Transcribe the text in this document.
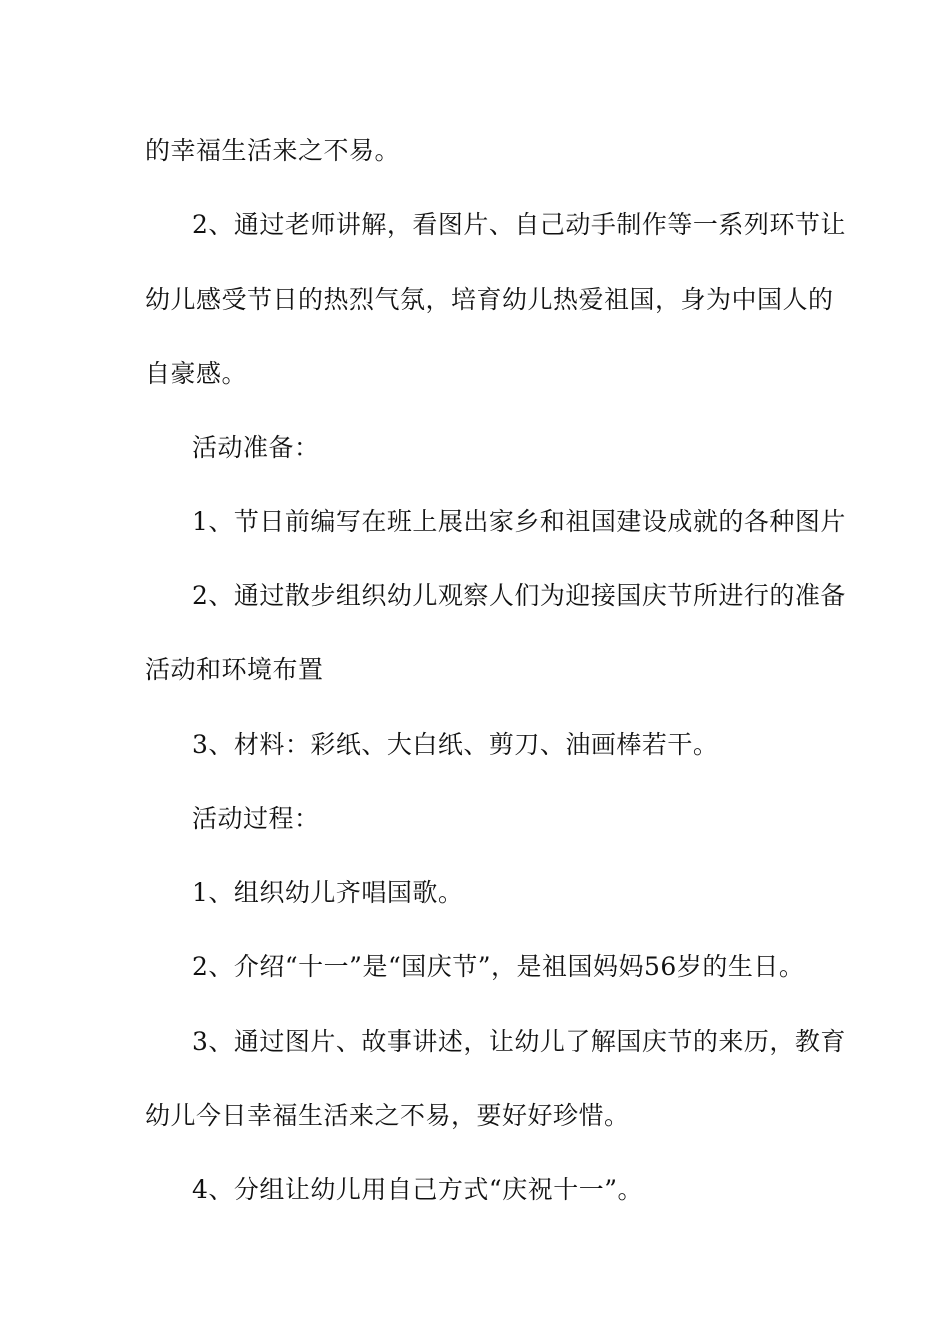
的幸福生活来之不易。
2、通过老师讲解，看图片、自己动手制作等一系列环节让
幼儿感受节日的热烈气氛，培育幼儿热爱祖国，身为中国人的
自豪感。
活动准备：
1、节日前编写在班上展出家乡和祖国建设成就的各种图片
2、通过散步组织幼儿观察人们为迎接国庆节所进行的准备
活动和环境布置
3、材料：彩纸、大白纸、剪刀、油画棒若干。
活动过程：
1、组织幼儿齐唱国歌。
2、介绍“十一”是“国庆节”，是祖国妈妈56岁的生日。
3、通过图片、故事讲述，让幼儿了解国庆节的来历，教育
幼儿今日幸福生活来之不易，要好好珍惜。
4、分组让幼儿用自己方式“庆祝十一”。
